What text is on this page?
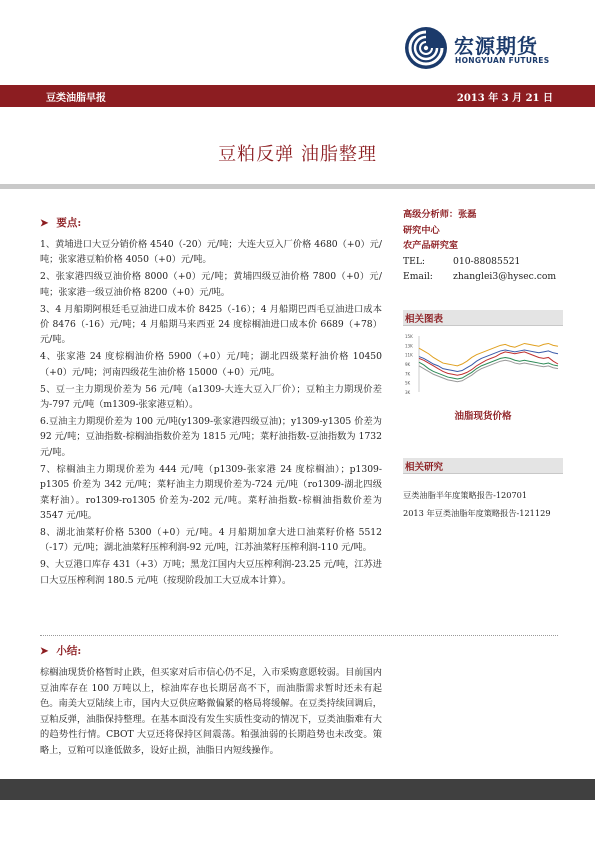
宏源期货
HONGYUAN FUTURES
豆类油脂早报	2013 年 3 月 21 日
豆粕反弹 油脂整理
➤ 要点:

1、黄埔进口大豆分销价格 4540（-20）元/吨；大连大豆入厂价格 4680（+0）元/吨；张家港豆粕价格 4050（+0）元/吨。

2、张家港四级豆油价格 8000（+0）元/吨；黄埔四级豆油价格 7800（+0）元/吨；张家港一级豆油价格 8200（+0）元/吨。

3、4 月船期阿根廷毛豆油进口成本价 8425（-16）；4 月船期巴西毛豆油进口成本价 8476（-16）元/吨；4 月船期马来西亚 24 度棕榈油进口成本价 6689（+78）元/吨。

4、张家港 24 度棕榈油价格 5900（+0）元/吨；湖北四级菜籽油价格 10450（+0）元/吨；河南四级花生油价格 15000（+0）元/吨。

5、豆一主力期现价差为 56 元/吨（a1309-大连大豆入厂价）；豆粕主力期现价差为-797 元/吨（m1309-张家港豆粕）。

6.豆油主力期现价差为 100 元/吨(y1309-张家港四级豆油)；y1309-y1305 价差为 92 元/吨；豆油指数-棕榈油指数价差为 1815 元/吨；菜籽油指数-豆油指数为 1732 元/吨。

7、棕榈油主力期现价差为 444 元/吨（p1309-张家港 24 度棕榈油）；p1309-p1305 价差为 342 元/吨；菜籽油主力期现价差为-724 元/吨（ro1309-湖北四级菜籽油）。ro1309-ro1305 价差为-202 元/吨。菜籽油指数-棕榈油指数价差为 3547 元/吨。

8、湖北油菜籽价格 5300（+0）元/吨。4 月船期加拿大进口油菜籽价格 5512（-17）元/吨；湖北油菜籽压榨利润-92 元/吨，江苏油菜籽压榨利润-110 元/吨。

9、大豆港口库存 431（+3）万吨；黑龙江国内大豆压榨利润-23.25 元/吨，江苏进口大豆压榨利润 180.5 元/吨（按现阶段加工大豆成本计算）。

➤ 小结:
棕榈油现货价格暂时止跌，但买家对后市信心仍不足，入市采购意愿较弱。目前国内豆油库存在 100 万吨以上，棕油库存也长期居高不下，而油脂需求暂时还未有起色。南美大豆陆续上市，国内大豆供应略微偏紧的格局将缓解。在豆类持续回调后，豆粕反弹，油脂保持整理。在基本面没有发生实质性变动的情况下，豆类油脂难有大的趋势性行情。CBOT 大豆还将保持区间震荡。粕强油弱的长期趋势也未改变。策略上，豆粕可以逢低做多，设好止损，油脂日内短线操作。
高级分析师：张磊
研究中心
农产品研究室
TEL:	010-88085521
Email:	zhanglei3@hysec.com
相关图表
15K
13K
11K
9K
7K
5K
3K
油脂现货价格
相关研究
豆类油脂半年度策略报告-120701
2013 年豆类油脂年度策略报告-121129
